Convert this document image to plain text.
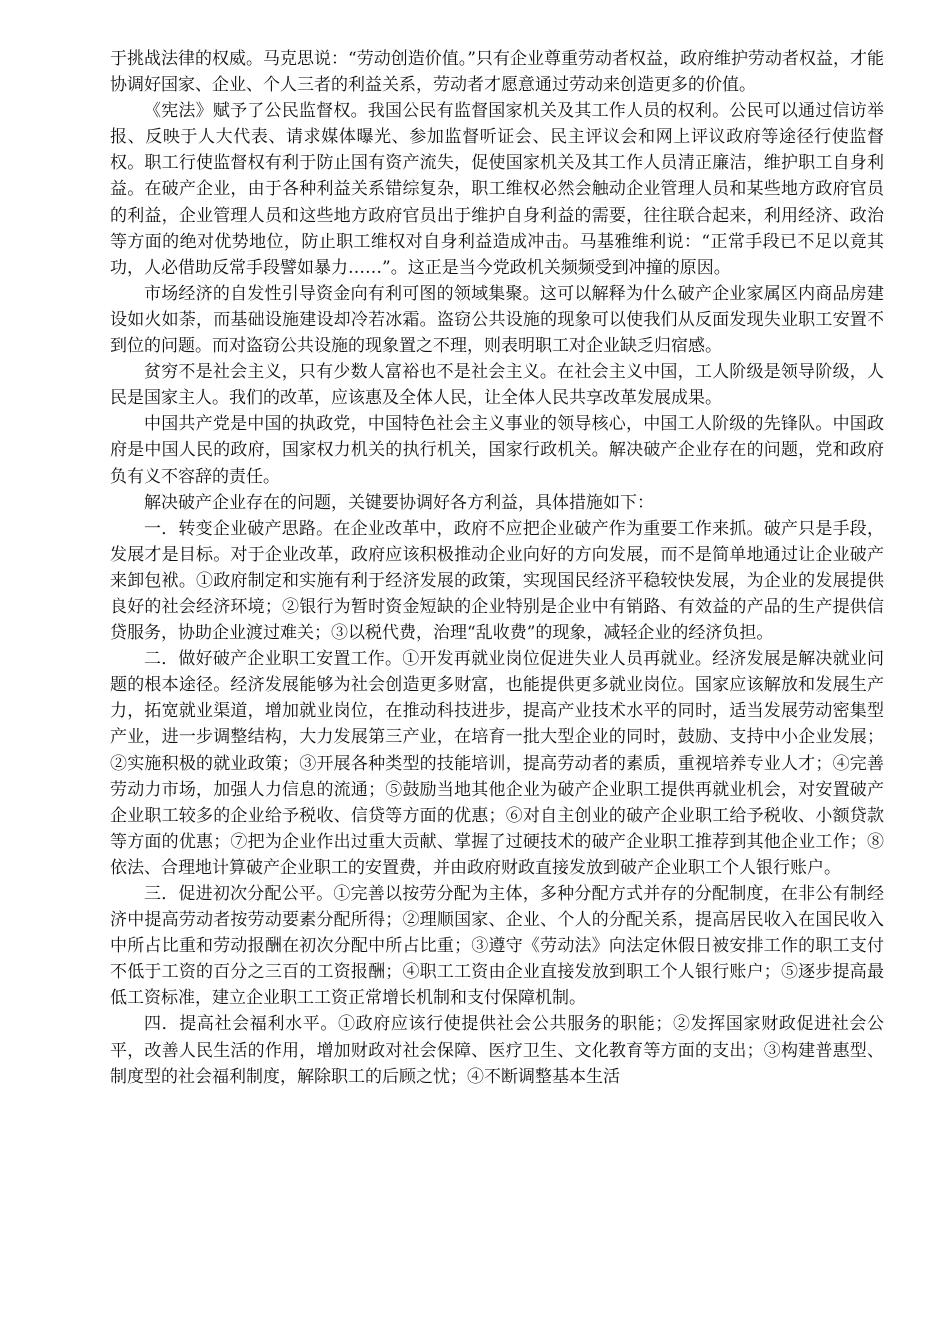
于挑战法律的权威。马克思说：“劳动创造价值。”只有企业尊重劳动者权益，政府维护劳动者权益，才能协调好国家、企业、个人三者的利益关系，劳动者才愿意通过劳动来创造更多的价值。

《宪法》赋予了公民监督权。我国公民有监督国家机关及其工作人员的权利。公民可以通过信访举报、反映于人大代表、请求媒体曝光、参加监督听证会、民主评议会和网上评议政府等途径行使监督权。职工行使监督权有利于防止国有资产流失，促使国家机关及其工作人员清正廉洁，维护职工自身利益。在破产企业，由于各种利益关系错综复杂，职工维权必然会触动企业管理人员和某些地方政府官员的利益，企业管理人员和这些地方政府官员出于维护自身利益的需要，往往联合起来，利用经济、政治等方面的绝对优势地位，防止职工维权对自身利益造成冲击。马基雅维利说：“正常手段已不足以竟其功，人必借助反常手段譬如暴力……”。这正是当今党政机关频频受到冲撞的原因。

市场经济的自发性引导资金向有利可图的领域集聚。这可以解释为什么破产企业家属区内商品房建设如火如荼，而基础设施建设却冷若冰霜。盗窃公共设施的现象可以使我们从反面发现失业职工安置不到位的问题。而对盗窃公共设施的现象置之不理，则表明职工对企业缺乏归宿感。

贫穷不是社会主义，只有少数人富裕也不是社会主义。在社会主义中国，工人阶级是领导阶级，人民是国家主人。我们的改革，应该惠及全体人民，让全体人民共享改革发展成果。

中国共产党是中国的执政党，中国特色社会主义事业的领导核心，中国工人阶级的先锋队。中国政府是中国人民的政府，国家权力机关的执行机关，国家行政机关。解决破产企业存在的问题，党和政府负有义不容辞的责任。

解决破产企业存在的问题，关键要协调好各方利益，具体措施如下：

一．转变企业破产思路。在企业改革中，政府不应把企业破产作为重要工作来抓。破产只是手段，发展才是目标。对于企业改革，政府应该积极推动企业向好的方向发展，而不是简单地通过让企业破产来卸包袱。①政府制定和实施有利于经济发展的政策，实现国民经济平稳较快发展，为企业的发展提供良好的社会经济环境；②银行为暂时资金短缺的企业特别是企业中有销路、有效益的产品的生产提供信贷服务，协助企业渡过难关；③以税代费，治理“乱收费”的现象，减轻企业的经济负担。

二．做好破产企业职工安置工作。①开发再就业岗位促进失业人员再就业。经济发展是解决就业问题的根本途径。经济发展能够为社会创造更多财富，也能提供更多就业岗位。国家应该解放和发展生产力，拓宽就业渠道，增加就业岗位，在推动科技进步，提高产业技术水平的同时，适当发展劳动密集型产业，进一步调整结构，大力发展第三产业，在培育一批大型企业的同时，鼓励、支持中小企业发展；②实施积极的就业政策；③开展各种类型的技能培训，提高劳动者的素质，重视培养专业人才；④完善劳动力市场，加强人力信息的流通；⑤鼓励当地其他企业为破产企业职工提供再就业机会，对安置破产企业职工较多的企业给予税收、信贷等方面的优惠；⑥对自主创业的破产企业职工给予税收、小额贷款等方面的优惠；⑦把为企业作出过重大贡献、掌握了过硬技术的破产企业职工推荐到其他企业工作；⑧依法、合理地计算破产企业职工的安置费，并由政府财政直接发放到破产企业职工个人银行账户。

三．促进初次分配公平。①完善以按劳分配为主体，多种分配方式并存的分配制度，在非公有制经济中提高劳动者按劳动要素分配所得；②理顺国家、企业、个人的分配关系，提高居民收入在国民收入中所占比重和劳动报酬在初次分配中所占比重；③遵守《劳动法》向法定休假日被安排工作的职工支付不低于工资的百分之三百的工资报酬；④职工工资由企业直接发放到职工个人银行账户；⑤逐步提高最低工资标准，建立企业职工工资正常增长机制和支付保障机制。

四．提高社会福利水平。①政府应该行使提供社会公共服务的职能；②发挥国家财政促进社会公平，改善人民生活的作用，增加财政对社会保障、医疗卫生、文化教育等方面的支出；③构建普惠型、制度型的社会福利制度，解除职工的后顾之忧；④不断调整基本生活
